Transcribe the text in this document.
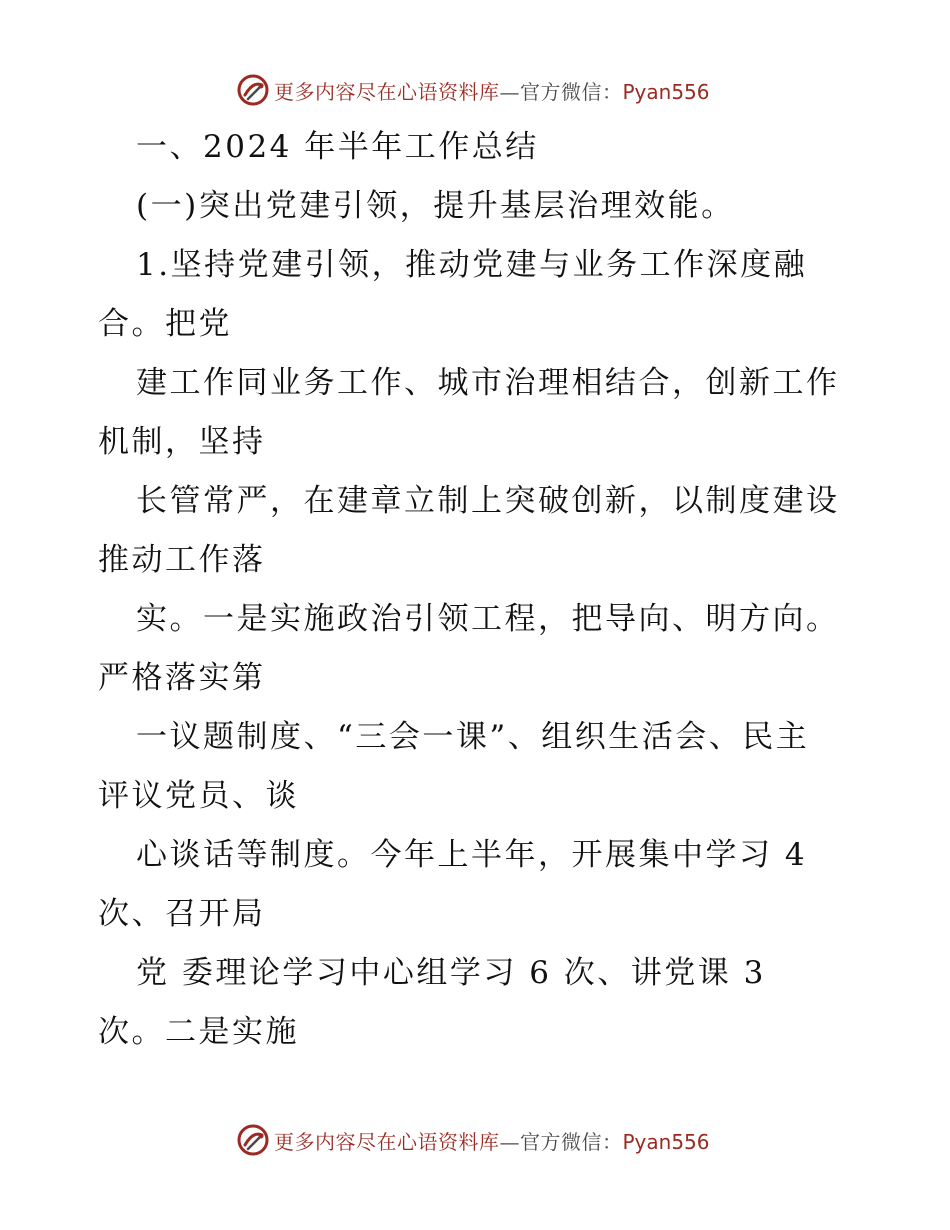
更多内容尽在心语资料库—官方微信：Pyan556
一、2024 年半年工作总结
(一)突出党建引领，提升基层治理效能。
1.坚持党建引领，推动党建与业务工作深度融
合。把党
建工作同业务工作、城市治理相结合，创新工作
机制，坚持
长管常严，在建章立制上突破创新，以制度建设
推动工作落
实。一是实施政治引领工程，把导向、明方向。
严格落实第
一议题制度、“三会一课”、组织生活会、民主
评议党员、谈
心谈话等制度。今年上半年，开展集中学习 4
次、召开局
党 委理论学习中心组学习 6 次、讲党课 3
次。二是实施
更多内容尽在心语资料库—官方微信：Pyan556
